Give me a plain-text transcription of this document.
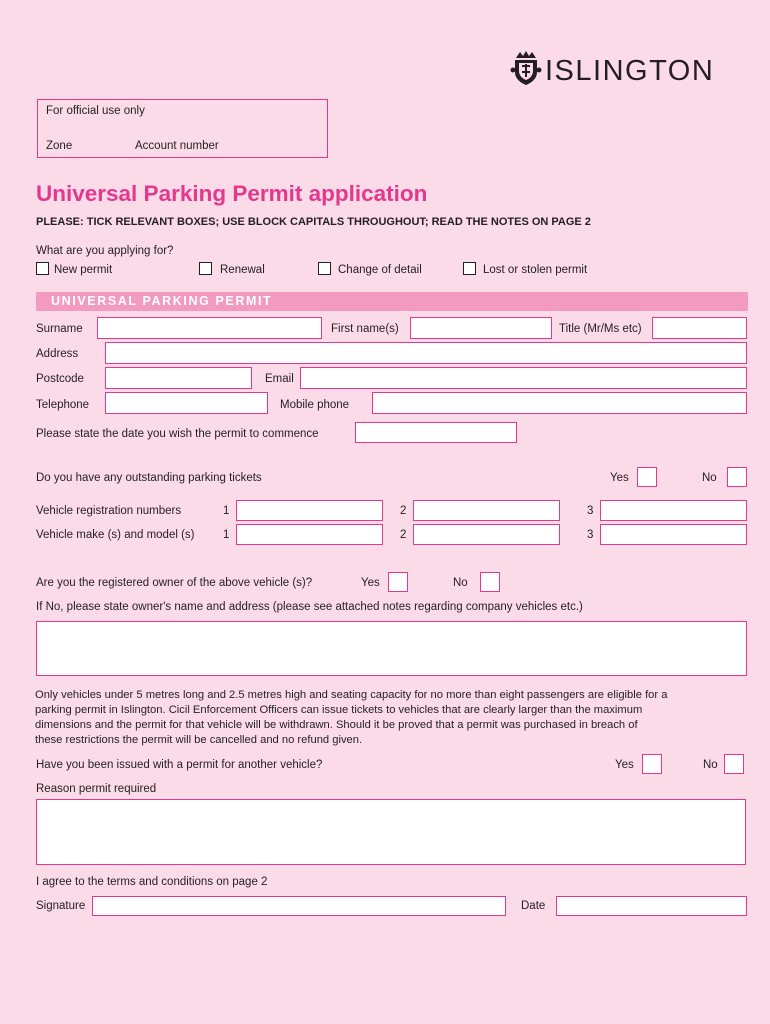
ISLINGTON
For official use only
Zone	Account number
Universal Parking Permit application
PLEASE: TICK RELEVANT BOXES; USE BLOCK CAPITALS THROUGHOUT; READ THE NOTES ON PAGE 2
What are you applying for?
New permit	Renewal	Change of detail	Lost or stolen permit
UNIVERSAL PARKING PERMIT
Surname	First name(s)	Title (Mr/Ms etc)
Address
Postcode	Email
Telephone	Mobile phone
Please state the date you wish the permit to commence
Do you have any outstanding parking tickets	Yes	No
Vehicle registration numbers	1	2	3
Vehicle make (s) and model (s) 1	2	3
Are you the registered owner of the above vehicle (s)?	Yes	No
If No, please state owner's name and address (please see attached notes regarding company vehicles etc.)
Only vehicles under 5 metres long and 2.5 metres high and seating capacity for no more than eight passengers are eligible for a
parking permit in Islington. Cicil Enforcement Officers can issue tickets to vehicles that are clearly larger than the maximum
dimensions and the permit for that vehicle will be withdrawn. Should it be proved that a permit was purchased in breach of
these restrictions the permit will be cancelled and no refund given.
Have you been issued with a permit for another vehicle?	Yes	No
Reason permit required
I agree to the terms and conditions on page 2
Signature	Date
